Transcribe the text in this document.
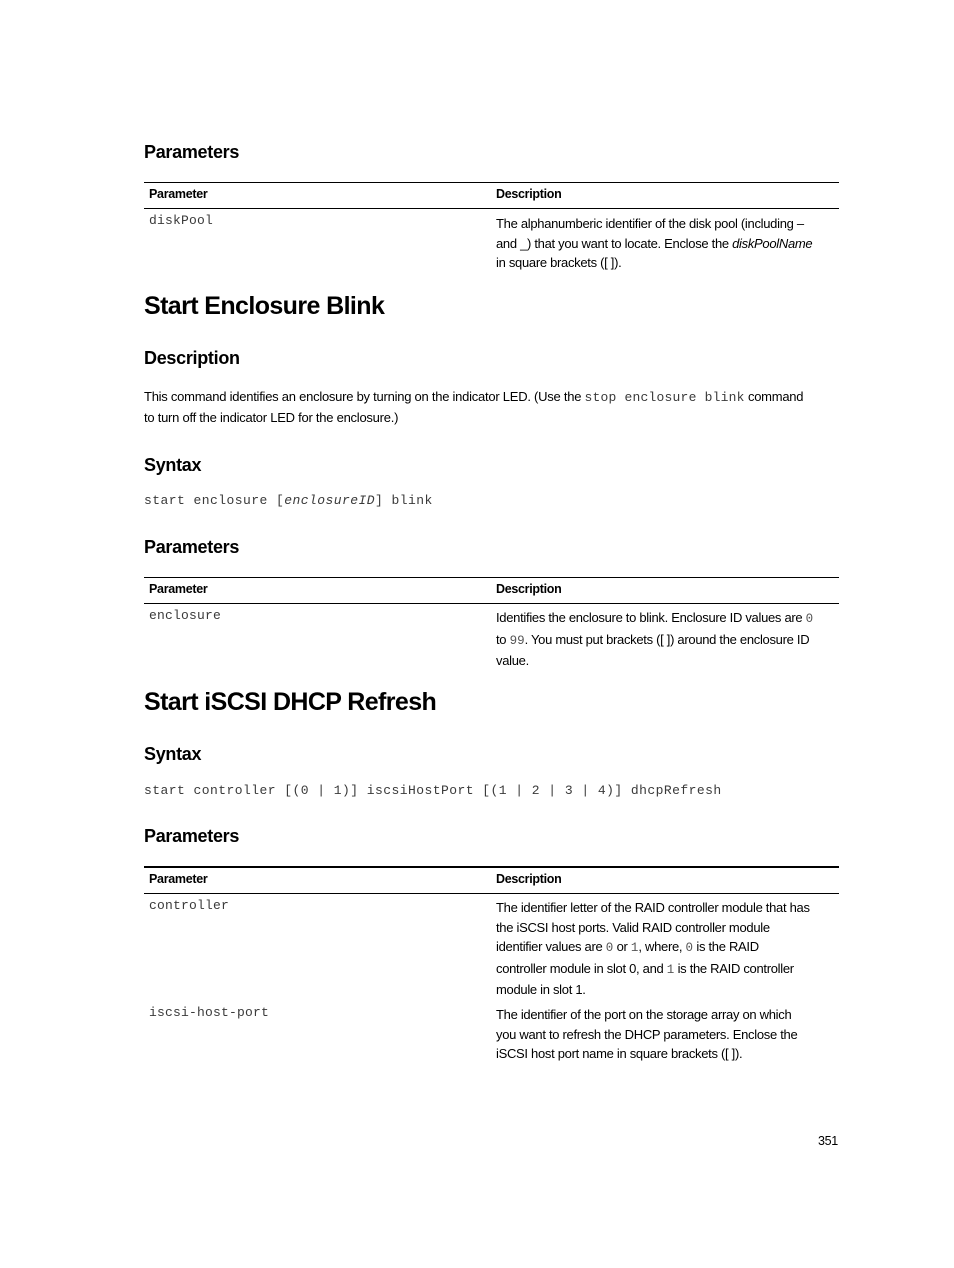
Parameters
Parameter	Description
diskPool	The alphanumberic identifier of the disk pool (including –
and _) that you want to locate. Enclose the diskPoolName
in square brackets ([ ]).
Start Enclosure Blink
Description
This command identifies an enclosure by turning on the indicator LED. (Use the stop enclosure blink command
to turn off the indicator LED for the enclosure.)
Syntax
start enclosure [enclosureID] blink
Parameters
Parameter	Description
enclosure	Identifies the enclosure to blink. Enclosure ID values are 0
to 99. You must put brackets ([ ]) around the enclosure ID
value.
Start iSCSI DHCP Refresh
Syntax
start controller [(0 | 1)] iscsiHostPort [(1 | 2 | 3 | 4)] dhcpRefresh
Parameters
Parameter	Description
controller	The identifier letter of the RAID controller module that has
the iSCSI host ports. Valid RAID controller module
identifier values are 0 or 1, where, 0 is the RAID
controller module in slot 0, and 1 is the RAID controller
module in slot 1.
iscsi-host-port	The identifier of the port on the storage array on which
you want to refresh the DHCP parameters. Enclose the
iSCSI host port name in square brackets ([ ]).
351
